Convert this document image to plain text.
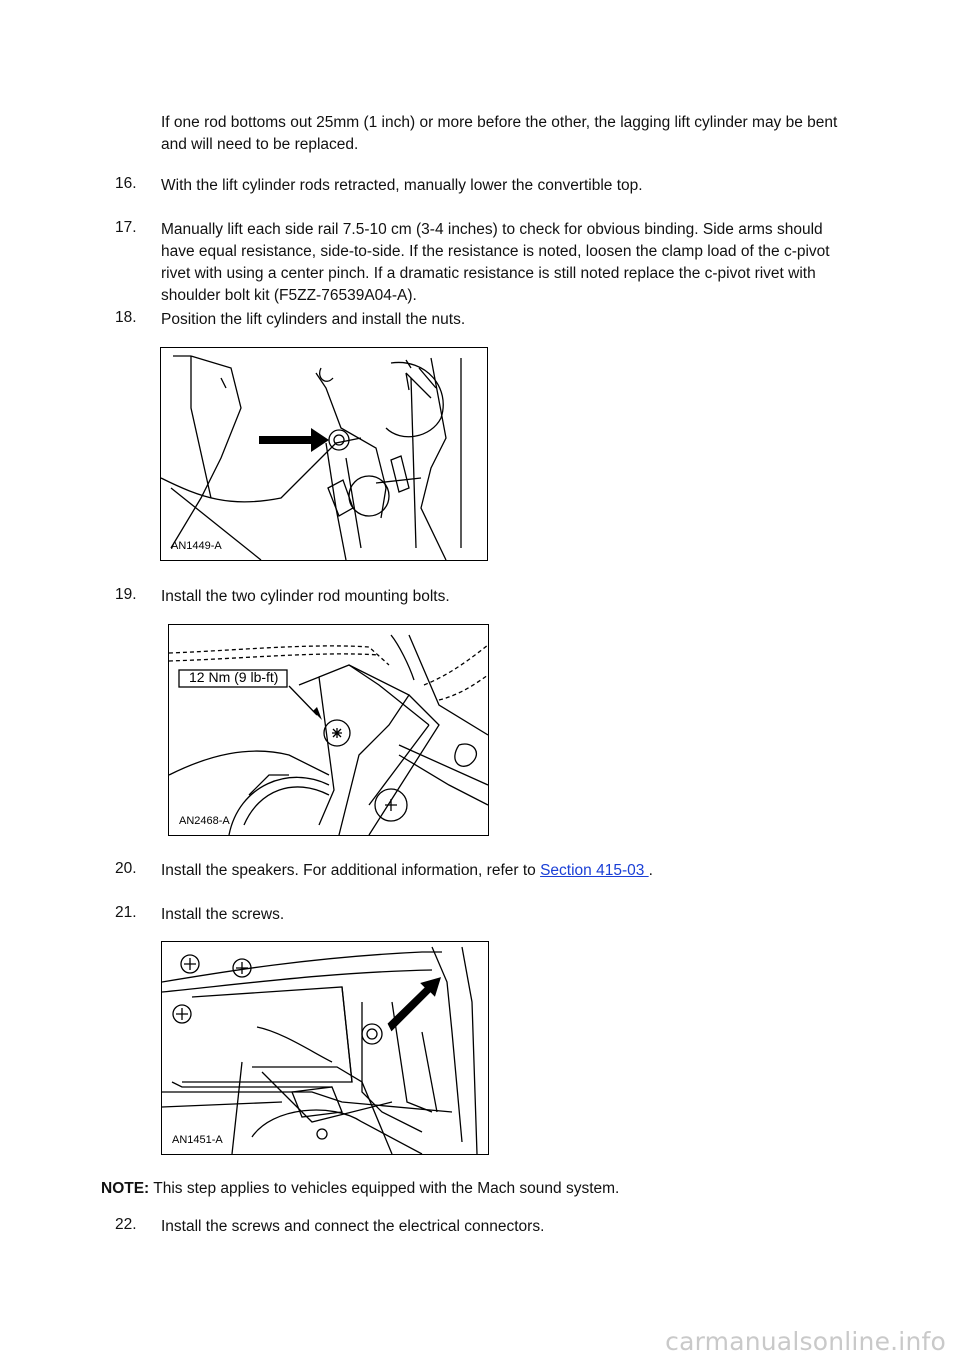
If one rod bottoms out 25mm (1 inch) or more before the other, the lagging lift cylinder may be bent and will need to be replaced.
16. With the lift cylinder rods retracted, manually lower the convertible top.
17. Manually lift each side rail 7.5-10 cm (3-4 inches) to check for obvious binding. Side arms should have equal resistance, side-to-side. If the resistance is noted, loosen the clamp load of the c-pivot rivet with using a center pinch. If a dramatic resistance is still noted replace the c-pivot rivet with shoulder bolt kit (F5ZZ-76539A04-A).
18. Position the lift cylinders and install the nuts.
AN1449-A
19. Install the two cylinder rod mounting bolts.
12 Nm (9 lb-ft)
AN2468-A
20. Install the speakers. For additional information, refer to Section 415-03 .
21. Install the screws.
AN1451-A
NOTE: This step applies to vehicles equipped with the Mach sound system.
22. Install the screws and connect the electrical connectors.
carmanualsonline.info
